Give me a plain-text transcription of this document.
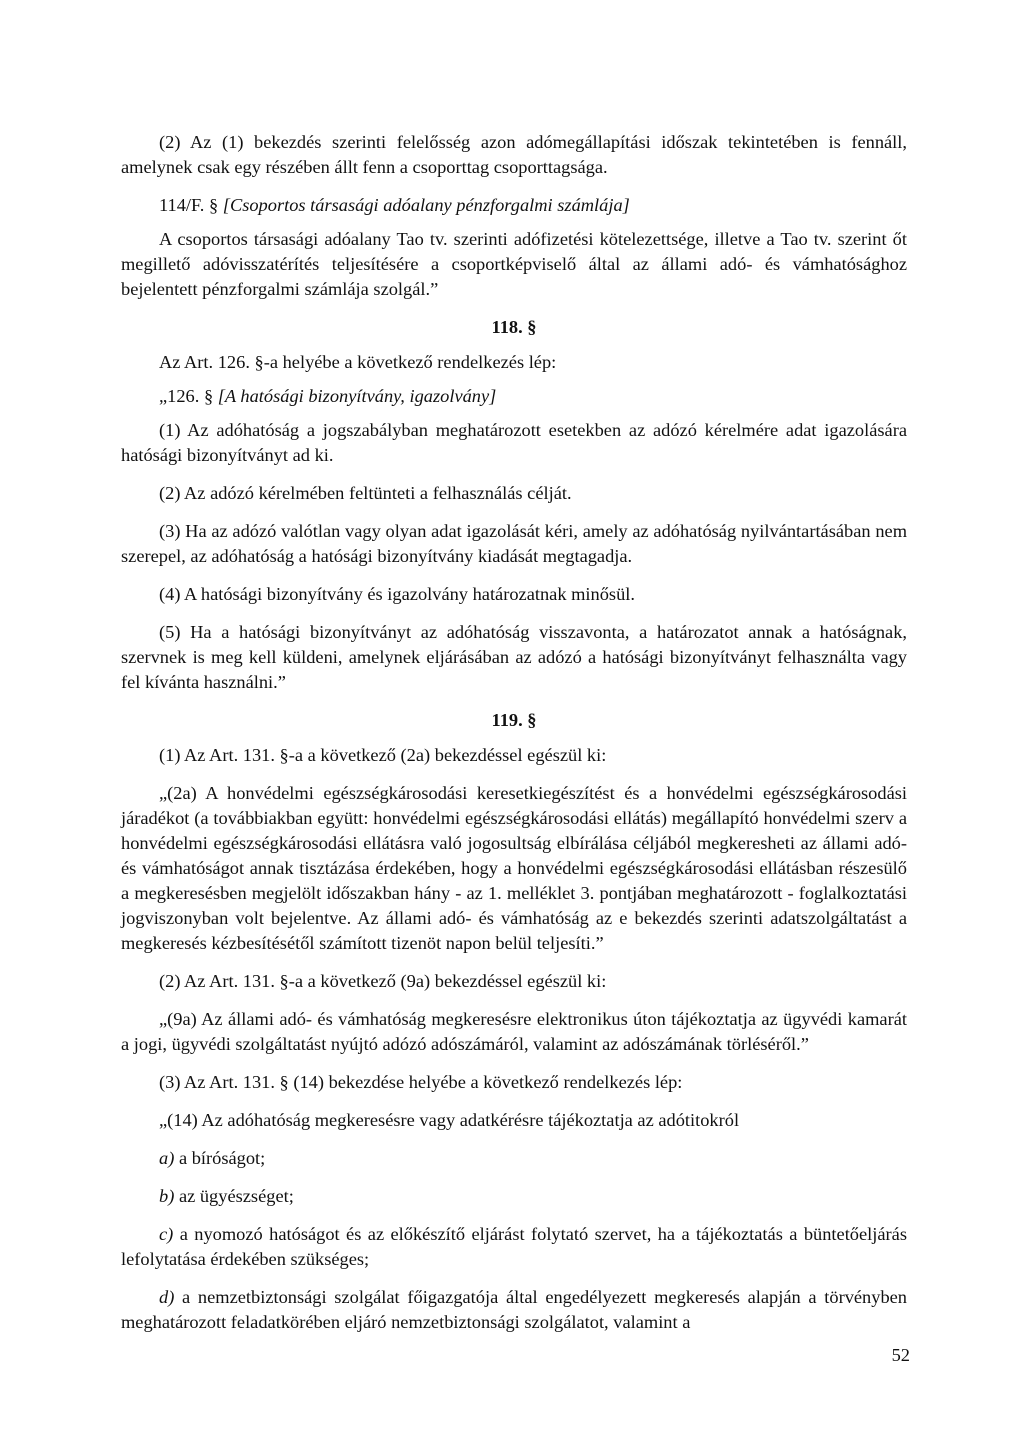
(2) Az (1) bekezdés szerinti felelősség azon adómegállapítási időszak tekintetében is fennáll, amelynek csak egy részében állt fenn a csoporttag csoporttagsága.

114/F. § [Csoportos társasági adóalany pénzforgalmi számlája]

A csoportos társasági adóalany Tao tv. szerinti adófizetési kötelezettsége, illetve a Tao tv. szerint őt megillető adóvisszatérítés teljesítésére a csoportképviselő által az állami adó- és vámhatósághoz bejelentett pénzforgalmi számlája szolgál.”

118. §

Az Art. 126. §-a helyébe a következő rendelkezés lép:

„126. § [A hatósági bizonyítvány, igazolvány]

(1) Az adóhatóság a jogszabályban meghatározott esetekben az adózó kérelmére adat igazolására hatósági bizonyítványt ad ki.

(2) Az adózó kérelmében feltünteti a felhasználás célját.

(3) Ha az adózó valótlan vagy olyan adat igazolását kéri, amely az adóhatóság nyilvántartásában nem szerepel, az adóhatóság a hatósági bizonyítvány kiadását megtagadja.

(4) A hatósági bizonyítvány és igazolvány határozatnak minősül.

(5) Ha a hatósági bizonyítványt az adóhatóság visszavonta, a határozatot annak a hatóságnak, szervnek is meg kell küldeni, amelynek eljárásában az adózó a hatósági bizonyítványt felhasználta vagy fel kívánta használni.”

119. §

(1) Az Art. 131. §-a a következő (2a) bekezdéssel egészül ki:

„(2a) A honvédelmi egészségkárosodási keresetkiegészítést és a honvédelmi egészségkárosodási járadékot (a továbbiakban együtt: honvédelmi egészségkárosodási ellátás) megállapító honvédelmi szerv a honvédelmi egészségkárosodási ellátásra való jogosultság elbírálása céljából megkeresheti az állami adó- és vámhatóságot annak tisztázása érdekében, hogy a honvédelmi egészségkárosodási ellátásban részesülő a megkeresésben megjelölt időszakban hány - az 1. melléklet 3. pontjában meghatározott - foglalkoztatási jogviszonyban volt bejelentve. Az állami adó- és vámhatóság az e bekezdés szerinti adatszolgáltatást a megkeresés kézbesítésétől számított tizenöt napon belül teljesíti.”

(2) Az Art. 131. §-a a következő (9a) bekezdéssel egészül ki:

„(9a) Az állami adó- és vámhatóság megkeresésre elektronikus úton tájékoztatja az ügyvédi kamarát a jogi, ügyvédi szolgáltatást nyújtó adózó adószámáról, valamint az adószámának törléséről.”

(3) Az Art. 131. § (14) bekezdése helyébe a következő rendelkezés lép:

„(14) Az adóhatóság megkeresésre vagy adatkérésre tájékoztatja az adótitokról

a) a bíróságot;

b) az ügyészséget;

c) a nyomozó hatóságot és az előkészítő eljárást folytató szervet, ha a tájékoztatás a büntetőeljárás lefolytatása érdekében szükséges;

d) a nemzetbiztonsági szolgálat főigazgatója által engedélyezett megkeresés alapján a törvényben meghatározott feladatkörében eljáró nemzetbiztonsági szolgálatot, valamint a

52
